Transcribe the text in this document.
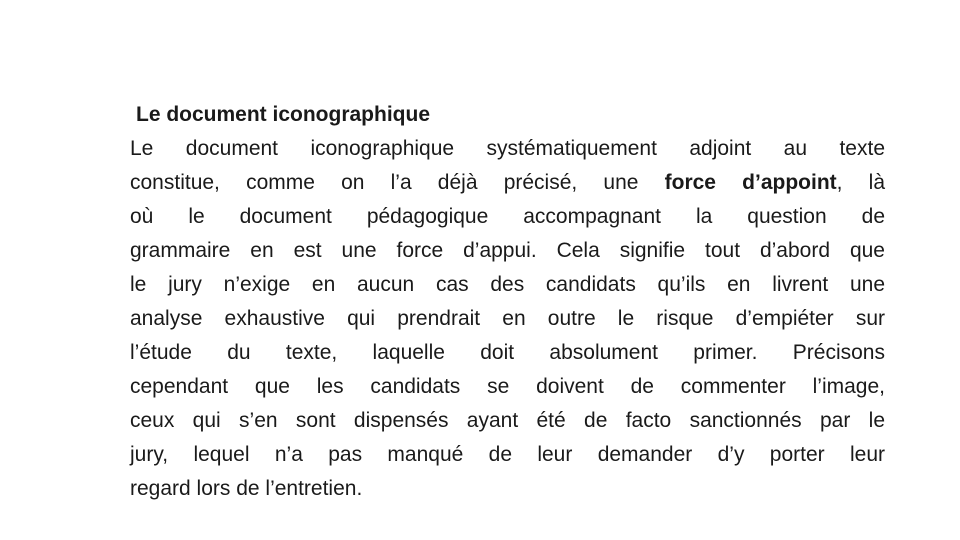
Le document iconographique
Le document iconographique systématiquement adjoint au texte
constitue, comme on l’a déjà précisé, une force d’appoint, là
où le document pédagogique accompagnant la question de
grammaire en est une force d’appui. Cela signifie tout d’abord que
le jury n’exige en aucun cas des candidats qu’ils en livrent une
analyse exhaustive qui prendrait en outre le risque d’empiéter sur
l’étude du texte, laquelle doit absolument primer. Précisons
cependant que les candidats se doivent de commenter l’image,
ceux qui s’en sont dispensés ayant été de facto sanctionnés par le
jury, lequel n’a pas manqué de leur demander d’y porter leur
regard lors de l’entretien.
